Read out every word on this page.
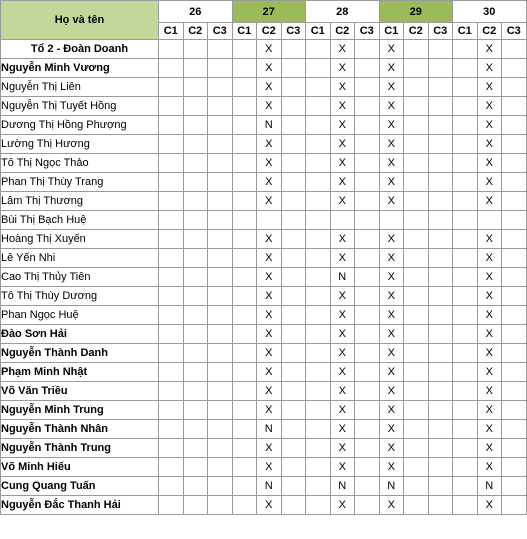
Họ và tên	26			27			28			29			30		
	C1	C2	C3	C1	C2	C3	C1	C2	C3	C1	C2	C3	C1	C2	C3
Tổ 2 - Đoàn Doanh					X			X		X				X	
Nguyễn Minh Vương					X			X		X				X	
Nguyễn Thị Liên					X			X		X				X	
Nguyễn Thị Tuyết Hồng					X			X		X				X	
Dương Thị Hồng Phượng					N			X		X				X	
Lường Thị Hương					X			X		X				X	
Tô Thị Ngọc Thảo					X			X		X				X	
Phan Thị Thùy Trang					X			X		X				X	
Lâm Thị Thương					X			X		X				X	
Bùi Thị Bạch Huệ															
Hoàng Thị Xuyến					X			X		X				X	
Lê Yến Nhi					X			X		X				X	
Cao Thị Thủy Tiên					X			N		X				X	
Tô Thị Thùy Dương					X			X		X				X	
Phan Ngọc Huệ					X			X		X				X	
Đào Sơn Hải					X			X		X				X	
Nguyễn Thành Danh					X			X		X				X	
Phạm Minh Nhật					X			X		X				X	
Võ Văn Triều					X			X		X				X	
Nguyễn Minh Trung					X			X		X				X	
Nguyễn Thành Nhân					N			X		X				X	
Nguyễn Thành Trung					X			X		X				X	
Võ Minh Hiếu					X			X		X				X	
Cung Quang Tuấn					N			N		N				N	
Nguyễn Đắc Thanh Hải					X			X		X				X	
